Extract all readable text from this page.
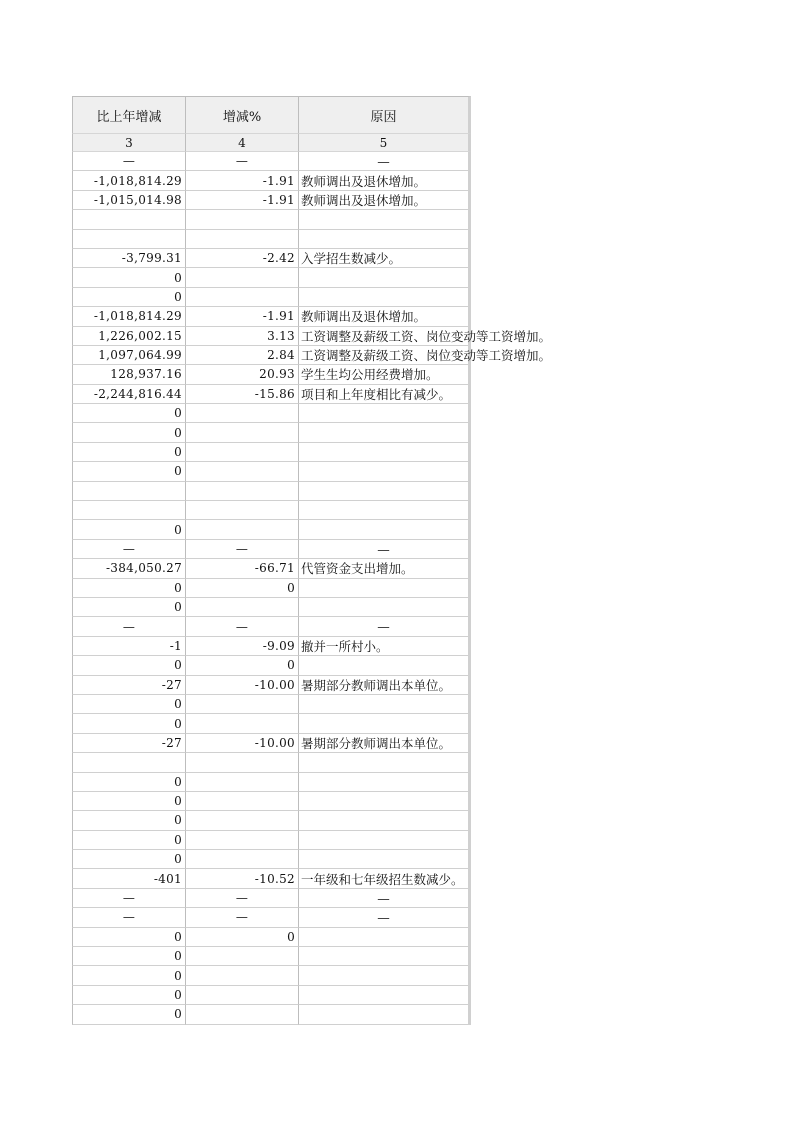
比上年增减	增减%	原因
3	4	5
—	—	—
-1,018,814.29	-1.91 教师调出及退休增加。
-1,015,014.98	-1.91 教师调出及退休增加。
-3,799.31	-2.42 入学招生数减少。
0
0
-1,018,814.29	-1.91 教师调出及退休增加。
1,226,002.15	3.13 工资调整及薪级工资、岗位变动等工资增加。
1,097,064.99	2.84 工资调整及薪级工资、岗位变动等工资增加。
128,937.16	20.93 学生生均公用经费增加。
-2,244,816.44	-15.86 项目和上年度相比有减少。
0
0
0
0
0
—	—	—
-384,050.27	-66.71 代管资金支出增加。
0	0
0
—	—	—
-1	-9.09 撤并一所村小。
0	0
-27	-10.00 暑期部分教师调出本单位。
0
0
-27	-10.00 暑期部分教师调出本单位。
0
0
0
0
0
-401	-10.52 一年级和七年级招生数减少。
—	—	—
—	—	—
0	0
0
0
0
0
